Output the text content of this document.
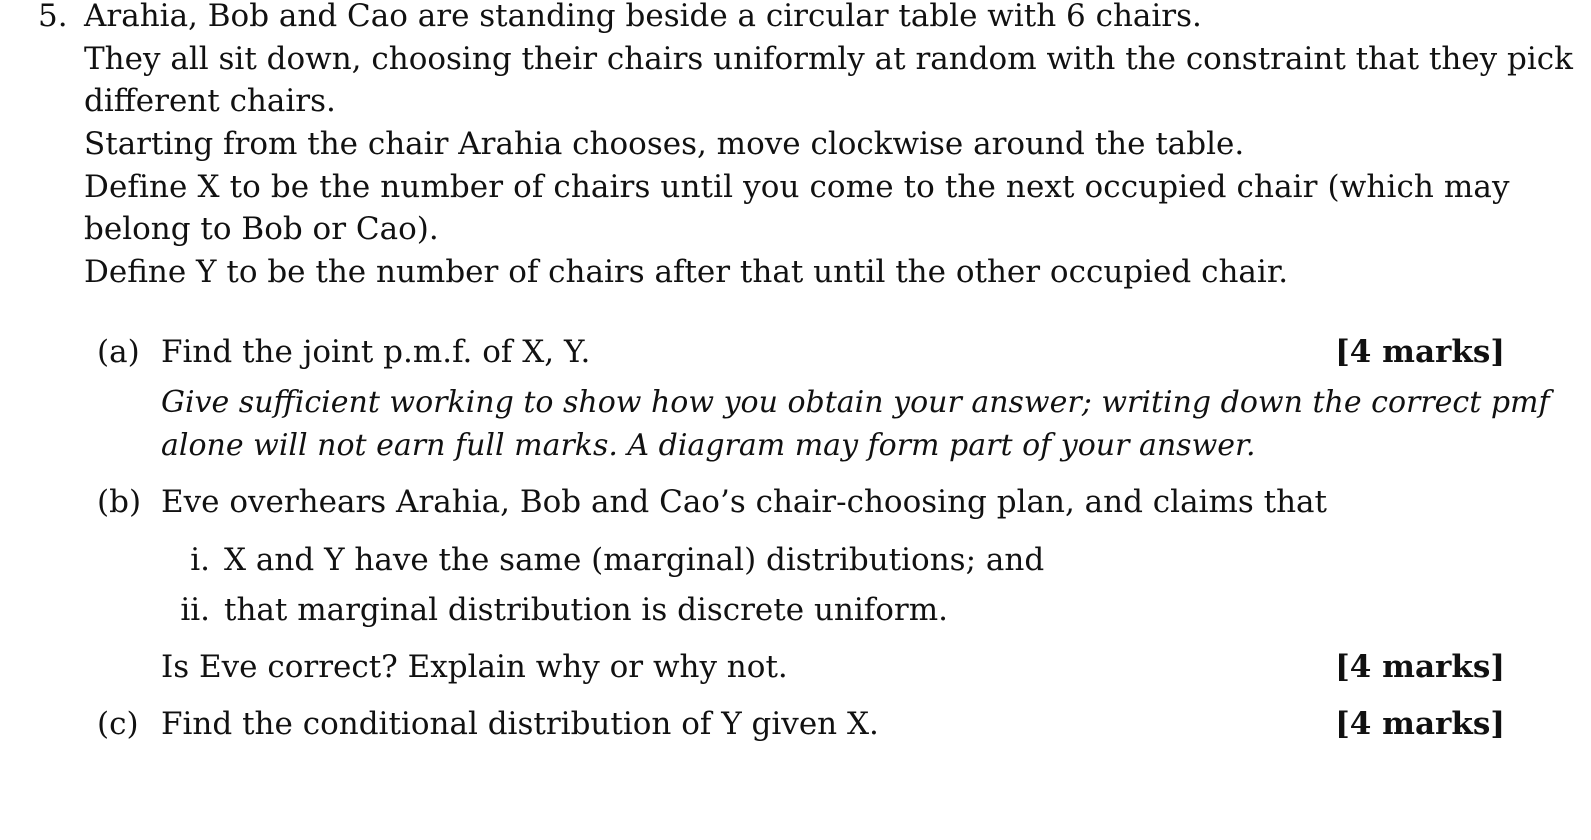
5. Arahia, Bob and Cao are standing beside a circular table with 6 chairs.
They all sit down, choosing their chairs uniformly at random with the constraint that they pick
different chairs.
Starting from the chair Arahia chooses, move clockwise around the table.
Define X to be the number of chairs until you come to the next occupied chair (which may
belong to Bob or Cao).
Define Y to be the number of chairs after that until the other occupied chair.
(a) Find the joint p.m.f. of X, Y.	[4 marks]
Give sufficient working to show how you obtain your answer; writing down the correct pmf
alone will not earn full marks. A diagram may form part of your answer.
(b) Eve overhears Arahia, Bob and Cao’s chair-choosing plan, and claims that
i. X and Y have the same (marginal) distributions; and
ii. that marginal distribution is discrete uniform.
Is Eve correct? Explain why or why not.	[4 marks]
(c) Find the conditional distribution of Y given X.	[4 marks]
